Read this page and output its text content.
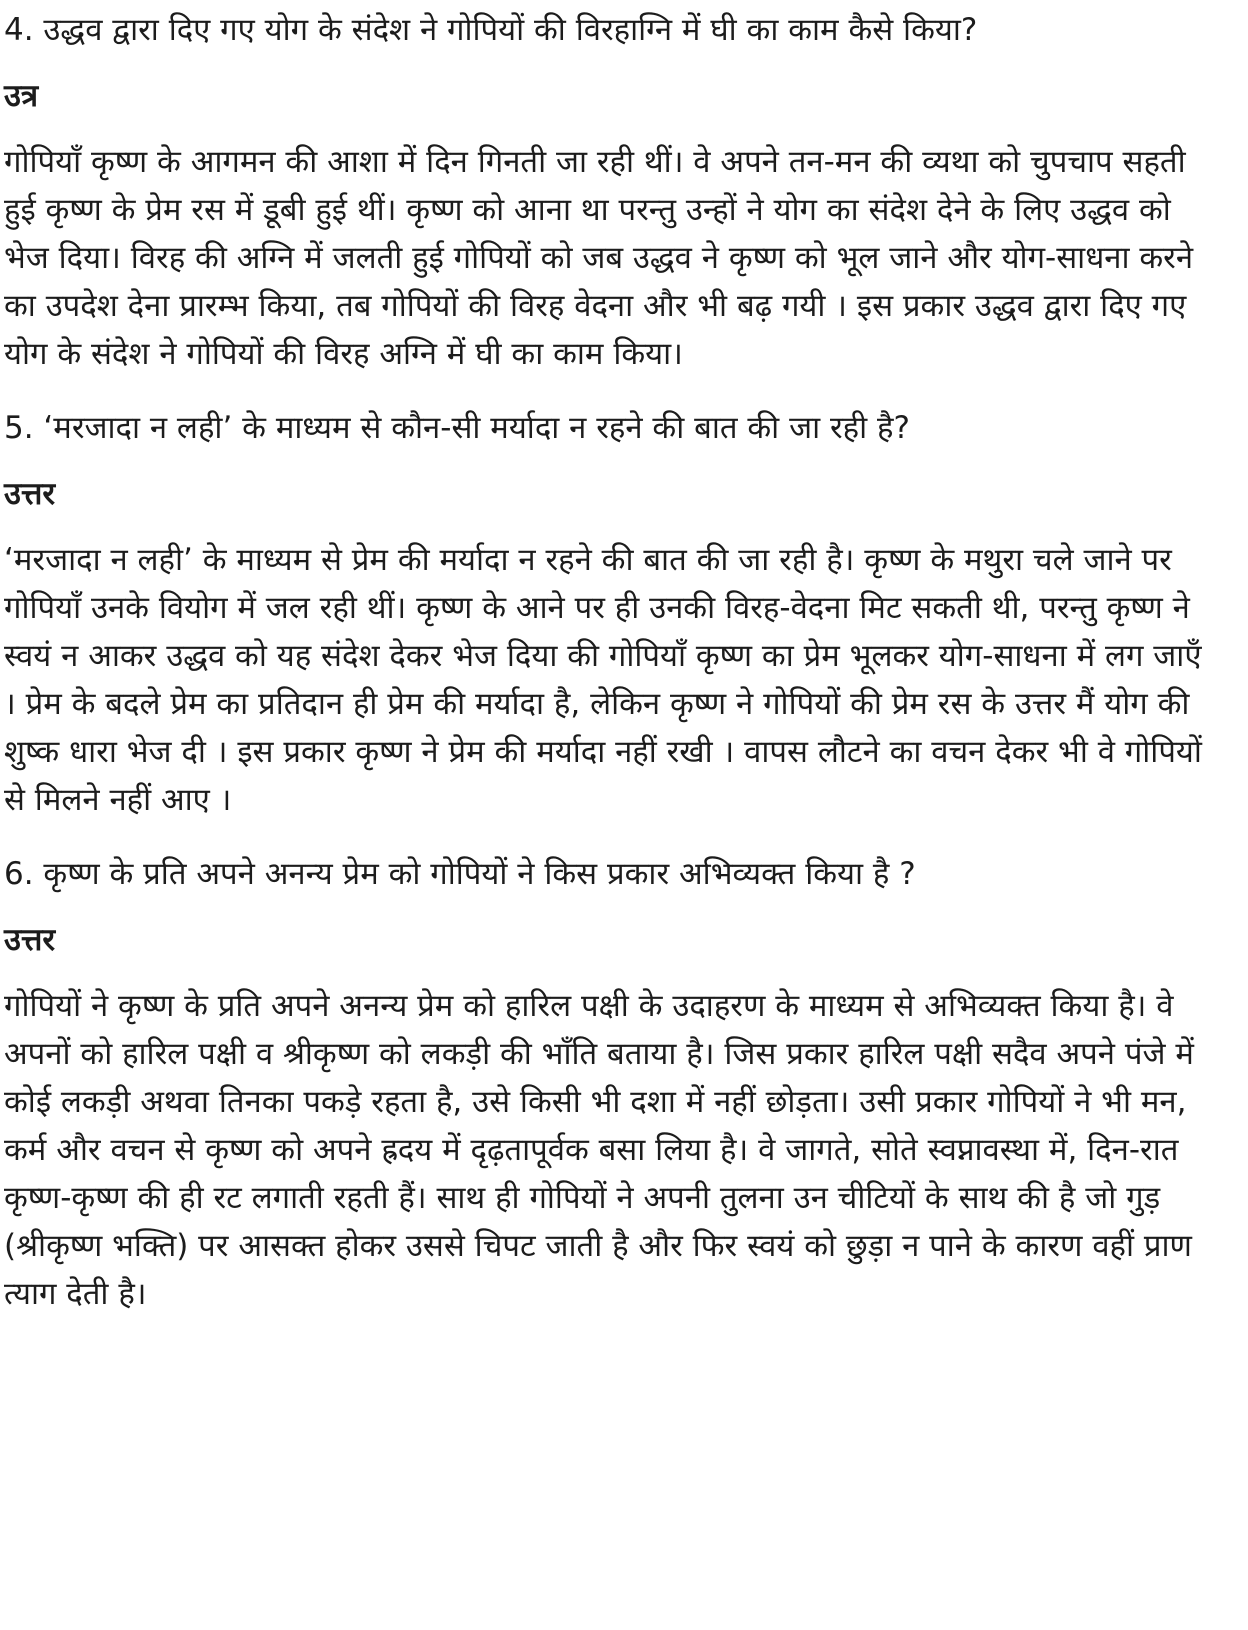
4. उद्धव द्वारा दिए गए योग के संदेश ने गोपियों की विरहाग्नि में घी का काम कैसे किया?

उत्र

गोपियाँ कृष्ण के आगमन की आशा में दिन गिनती जा रही थीं। वे अपने तन-मन की व्यथा को चुपचाप सहती हुई कृष्ण के प्रेम रस में डूबी हुई थीं। कृष्ण को आना था परन्तु उन्हों ने योग का संदेश देने के लिए उद्धव को भेज दिया। विरह की अग्नि में जलती हुई गोपियों को जब उद्धव ने कृष्ण को भूल जाने और योग-साधना करने का उपदेश देना प्रारम्भ किया, तब गोपियों की विरह वेदना और भी बढ़ गयी । इस प्रकार उद्धव द्वारा दिए गए योग के संदेश ने गोपियों की विरह अग्नि में घी का काम किया।

5. ‘मरजादा न लही’ के माध्यम से कौन-सी मर्यादा न रहने की बात की जा रही है?

उत्तर

‘मरजादा न लही’ के माध्यम से प्रेम की मर्यादा न रहने की बात की जा रही है। कृष्ण के मथुरा चले जाने पर गोपियाँ उनके वियोग में जल रही थीं। कृष्ण के आने पर ही उनकी विरह-वेदना मिट सकती थी, परन्तु कृष्ण ने स्वयं न आकर उद्धव को यह संदेश देकर भेज दिया की गोपियाँ कृष्ण का प्रेम भूलकर योग-साधना में लग जाएँ । प्रेम के बदले प्रेम का प्रतिदान ही प्रेम की मर्यादा है, लेकिन कृष्ण ने गोपियों की प्रेम रस के उत्तर मैं योग की शुष्क धारा भेज दी । इस प्रकार कृष्ण ने प्रेम की मर्यादा नहीं रखी । वापस लौटने का वचन देकर भी वे गोपियों से मिलने नहीं आए ।

6. कृष्ण के प्रति अपने अनन्य प्रेम को गोपियों ने किस प्रकार अभिव्यक्त किया है ?

उत्तर

गोपियों ने कृष्ण के प्रति अपने अनन्य प्रेम को हारिल पक्षी के उदाहरण के माध्यम से अभिव्यक्त किया है। वे अपनों को हारिल पक्षी व श्रीकृष्ण को लकड़ी की भाँति बताया है। जिस प्रकार हारिल पक्षी सदैव अपने पंजे में कोई लकड़ी अथवा तिनका पकड़े रहता है, उसे किसी भी दशा में नहीं छोड़ता। उसी प्रकार गोपियों ने भी मन, कर्म और वचन से कृष्ण को अपने ह्रदय में दृढ़तापूर्वक बसा लिया है। वे जागते, सोते स्वप्नावस्था में, दिन-रात कृष्ण-कृष्ण की ही रट लगाती रहती हैं। साथ ही गोपियों ने अपनी तुलना उन चीटियों के साथ की है जो गुड़ (श्रीकृष्ण भक्ति) पर आसक्त होकर उससे चिपट जाती है और फिर स्वयं को छुड़ा न पाने के कारण वहीं प्राण त्याग देती है।
